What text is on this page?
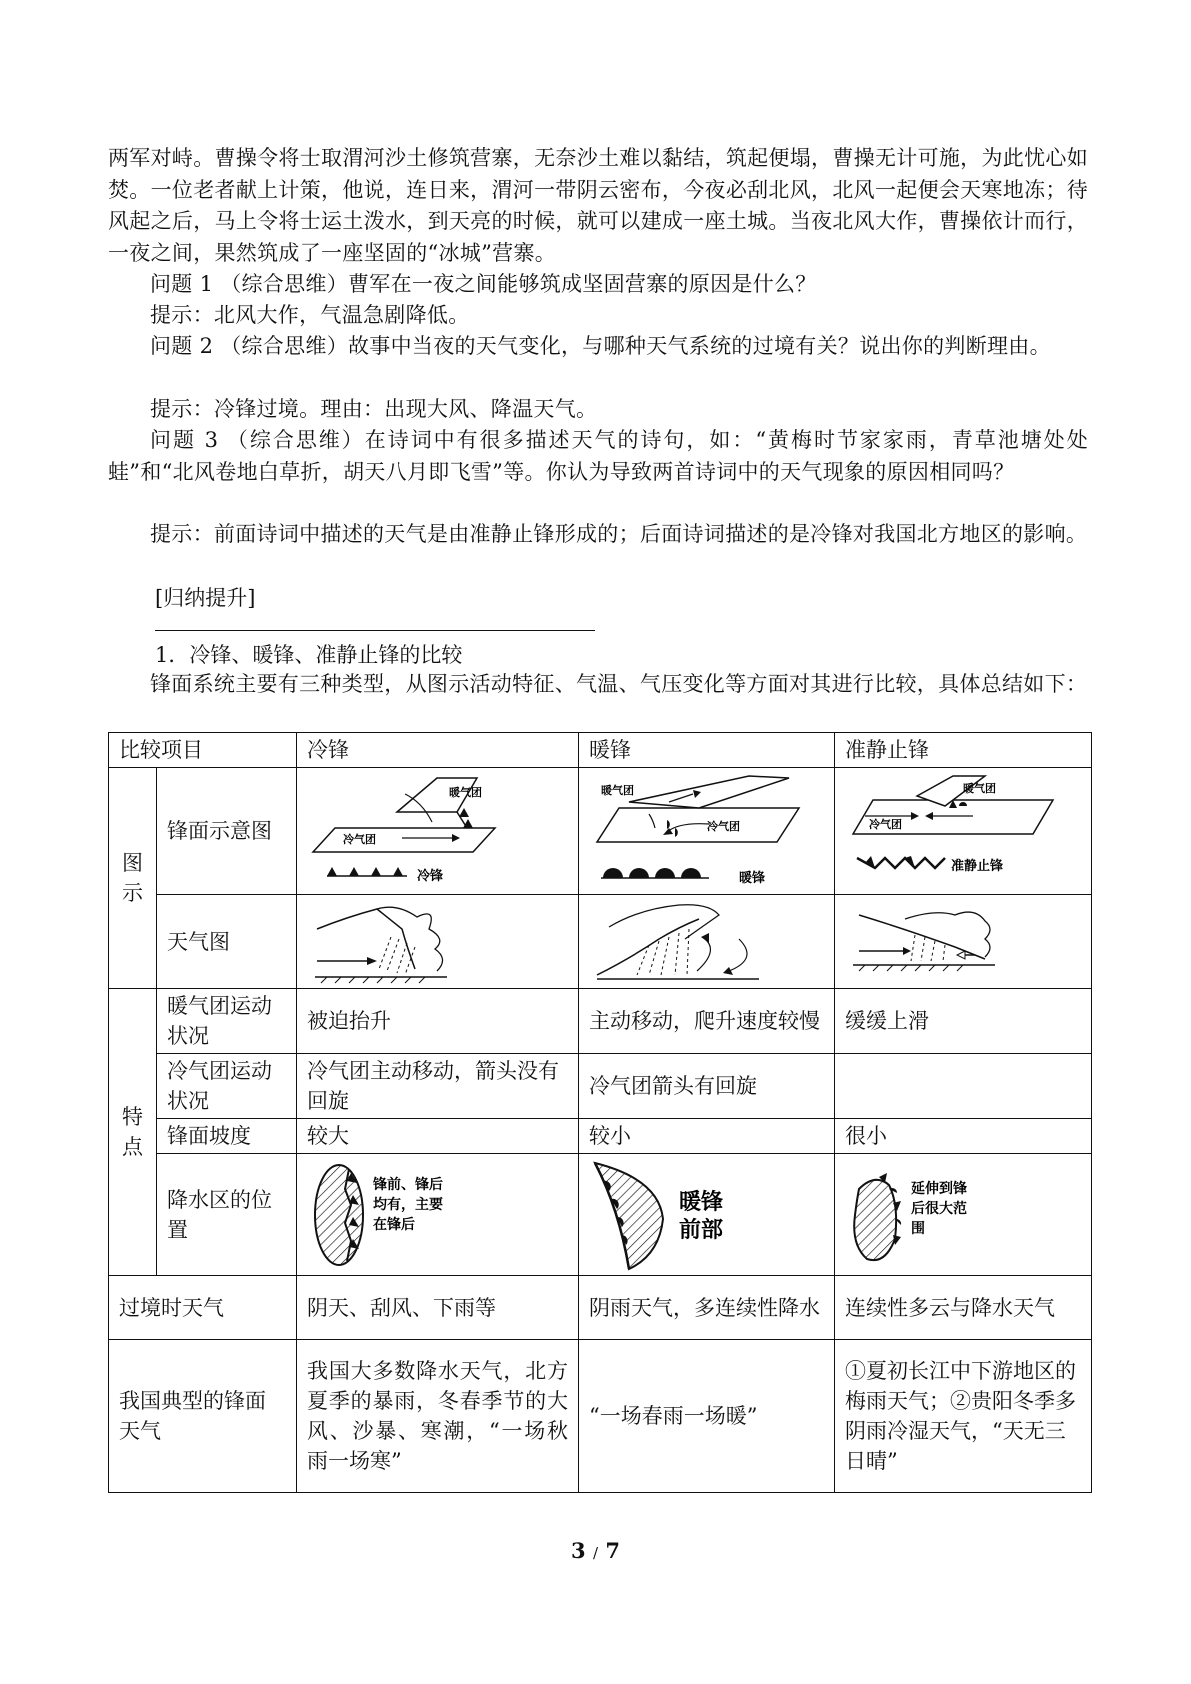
两军对峙。曹操令将士取渭河沙土修筑营寨，无奈沙土难以黏结，筑起便塌，曹操无计可施，为此忧心如焚。一位老者献上计策，他说，连日来，渭河一带阴云密布，今夜必刮北风，北风一起便会天寒地冻；待风起之后，马上令将士运土泼水，到天亮的时候，就可以建成一座土城。当夜北风大作，曹操依计而行，一夜之间，果然筑成了一座坚固的“冰城”营寨。

问题 1 （综合思维）曹军在一夜之间能够筑成坚固营寨的原因是什么？

提示：北风大作，气温急剧降低。

问题 2 （综合思维）故事中当夜的天气变化，与哪种天气系统的过境有关？说出你的判断理由。

提示：冷锋过境。理由：出现大风、降温天气。

问题 3 （综合思维）在诗词中有很多描述天气的诗句，如：“黄梅时节家家雨，青草池塘处处蛙”和“北风卷地白草折，胡天八月即飞雪”等。你认为导致两首诗词中的天气现象的原因相同吗？

提示：前面诗词中描述的天气是由准静止锋形成的；后面诗词描述的是冷锋对我国北方地区的影响。

[归纳提升]
1．冷锋、暖锋、准静止锋的比较

锋面系统主要有三种类型，从图示活动特征、气温、气压变化等方面对其进行比较，具体总结如下：

比较项目		冷锋	暖锋	准静止锋

图
示	锋面示意图	暖气团
冷气团
冷锋	暖气团
冷气团
暖锋	暖气团
冷气团
准静止锋

	天气图	

特
点	暖气团运动状况	被迫抬升	主动移动，爬升速度较慢	缓缓上滑
	冷气团运动状况	冷气团主动移动，箭头没有回旋	冷气团箭头有回旋	
	锋面坡度	较大	较小	很小
	降水区的位置	锋前、锋后
均有，主要
在锋后	暖锋
前部	延伸到锋
后很大范
围

过境时天气		阴天、刮风、下雨等	阴雨天气，多连续性降水	连续性多云与降水天气
我国典型的锋面天气		我国大多数降水天气，北方夏季的暴雨，冬春季节的大风、沙暴、寒潮，“一场秋雨一场寒”	“一场春雨一场暖”	①夏初长江中下游地区的梅雨天气；②贵阳冬季多阴雨冷湿天气，“天无三日晴”
3 / 7
